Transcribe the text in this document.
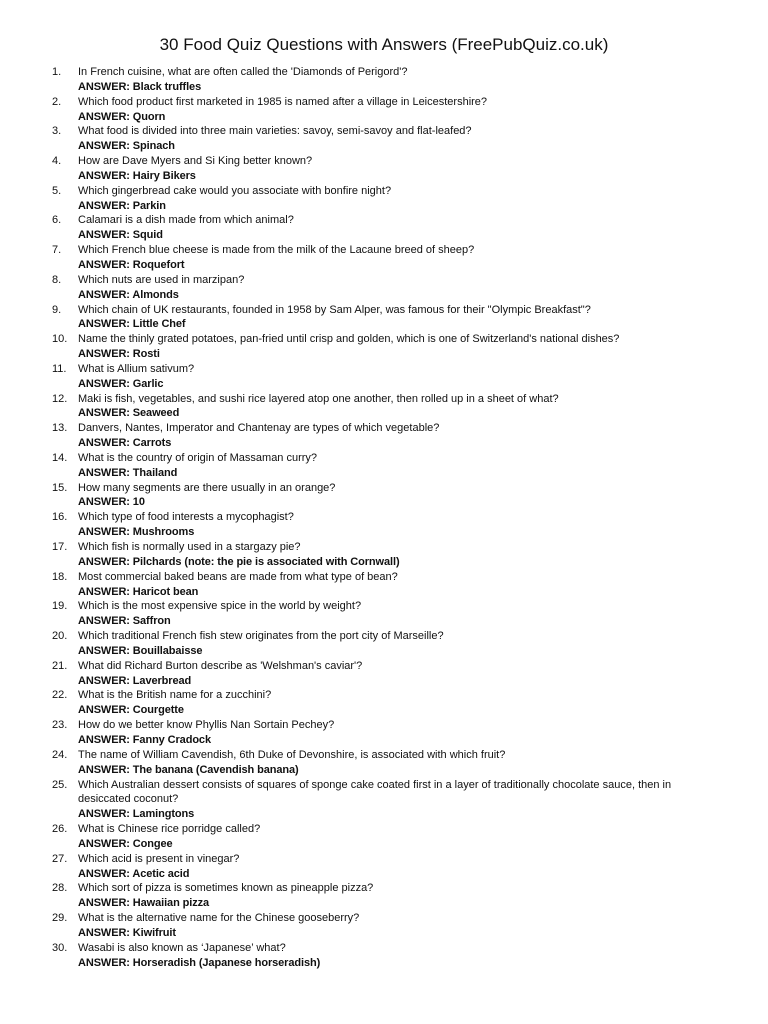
30 Food Quiz Questions with Answers (FreePubQuiz.co.uk)
1.	In French cuisine, what are often called the 'Diamonds of Perigord'?
ANSWER: Black truffles
2.	Which food product first marketed in 1985 is named after a village in Leicestershire?
ANSWER: Quorn
3.	What food is divided into three main varieties: savoy, semi-savoy and flat-leafed?
ANSWER: Spinach
4.	How are Dave Myers and Si King better known?
ANSWER: Hairy Bikers
5.	Which gingerbread cake would you associate with bonfire night?
ANSWER: Parkin
6.	Calamari is a dish made from which animal?
ANSWER: Squid
7.	Which French blue cheese is made from the milk of the Lacaune breed of sheep?
ANSWER: Roquefort
8.	Which nuts are used in marzipan?
ANSWER: Almonds
9.	Which chain of UK restaurants, founded in 1958 by Sam Alper, was famous for their "Olympic Breakfast"?
ANSWER: Little Chef
10. Name the thinly grated potatoes, pan-fried until crisp and golden, which is one of Switzerland's national dishes?
ANSWER: Rosti
11.	What is Allium sativum?
ANSWER: Garlic
12. Maki is fish, vegetables, and sushi rice layered atop one another, then rolled up in a sheet of what?
ANSWER: Seaweed
13. Danvers, Nantes, Imperator and Chantenay are types of which vegetable?
ANSWER: Carrots
14. What is the country of origin of Massaman curry?
ANSWER: Thailand
15. How many segments are there usually in an orange?
ANSWER: 10
16. Which type of food interests a mycophagist?
ANSWER: Mushrooms
17. Which fish is normally used in a stargazy pie?
ANSWER: Pilchards (note: the pie is associated with Cornwall)
18. Most commercial baked beans are made from what type of bean?
ANSWER: Haricot bean
19. Which is the most expensive spice in the world by weight?
ANSWER: Saffron
20. Which traditional French fish stew originates from the port city of Marseille?
ANSWER: Bouillabaisse
21. What did Richard Burton describe as 'Welshman's caviar'?
ANSWER: Laverbread
22. What is the British name for a zucchini?
ANSWER: Courgette
23. How do we better know Phyllis Nan Sortain Pechey?
ANSWER: Fanny Cradock
24. The name of William Cavendish, 6th Duke of Devonshire, is associated with which fruit?
ANSWER: The banana (Cavendish banana)
25. Which Australian dessert consists of squares of sponge cake coated first in a layer of traditionally chocolate sauce, then in desiccated coconut?
ANSWER: Lamingtons
26. What is Chinese rice porridge called?
ANSWER: Congee
27. Which acid is present in vinegar?
ANSWER: Acetic acid
28. Which sort of pizza is sometimes known as pineapple pizza?
ANSWER: Hawaiian pizza
29. What is the alternative name for the Chinese gooseberry?
ANSWER: Kiwifruit
30. Wasabi is also known as ‘Japanese’ what?
ANSWER: Horseradish (Japanese horseradish)
